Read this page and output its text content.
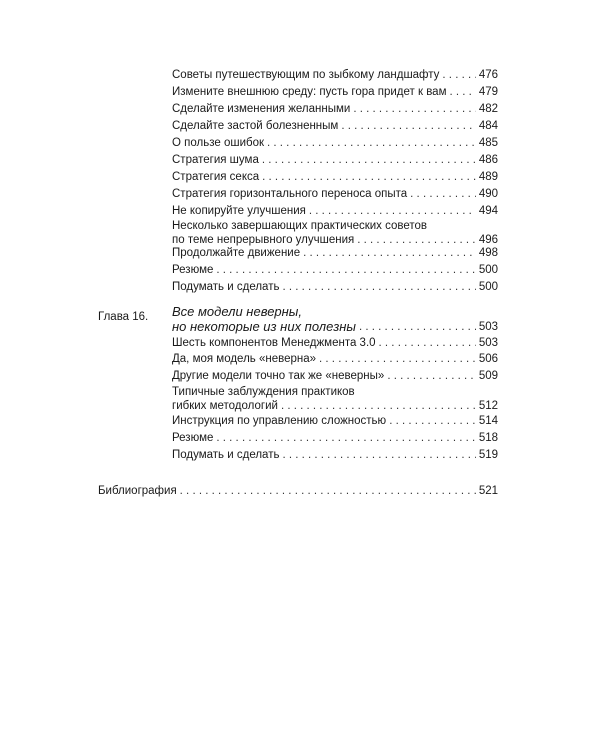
Советы путешествующим по зыбкому ландшафту . . .	476
Измените внешнюю среду: пусть гора придет к вам . . .	479
Сделайте изменения желанными . . .	482
Сделайте застой болезненным . . .	484
О пользе ошибок . . .	485
Стратегия шума . . .	486
Стратегия секса . . .	489
Стратегия горизонтального переноса опыта . . .	490
Не копируйте улучшения . . .	494
Несколько завершающих практических советов
по теме непрерывного улучшения . . .	496
Продолжайте движение . . .	498
Резюме . . .	500
Подумать и сделать . . .	500
Глава 16. Все модели неверны,
но некоторые из них полезны . . .	503
Шесть компонентов Менеджмента 3.0 . . .	503
Да, моя модель «неверна» . . .	506
Другие модели точно так же «неверны» . . .	509
Типичные заблуждения практиков
гибких методологий . . .	512
Инструкция по управлению сложностью . . .	514
Резюме . . .	518
Подумать и сделать . . .	519
Библиография . . .	521
